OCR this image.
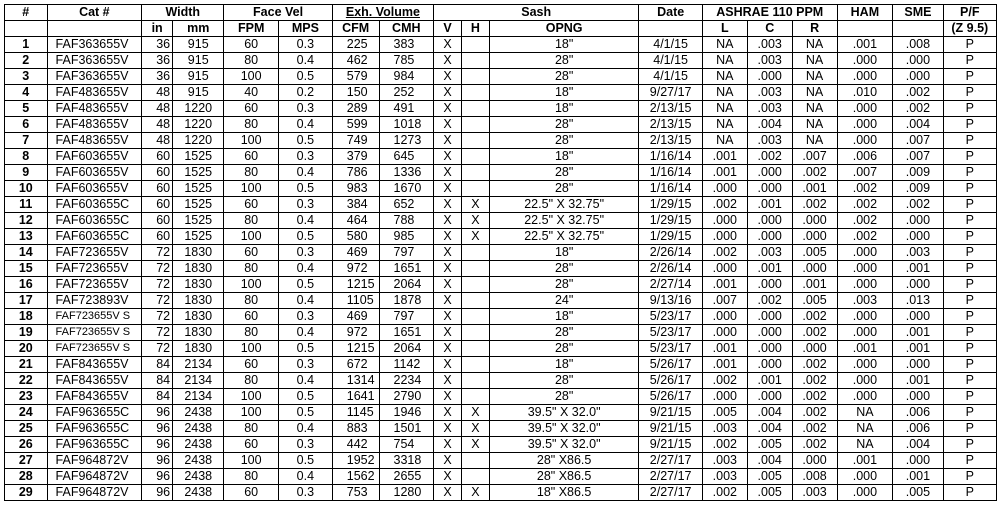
#	Cat #	Width		Face Vel		Exh. Volume		Sash			Date	ASHRAE 110 PPM			HAM	SME	P/F
		in	mm	FPM	MPS	CFM	CMH	V	H	OPNG		L	C	R			(Z 9.5)
1	FAF363655V	36	915	60	0.3	225	383	X		18"	4/1/15	NA	.003	NA	.001	.008	P
2	FAF363655V	36	915	80	0.4	462	785	X		28"	4/1/15	NA	.003	NA	.000	.000	P
3	FAF363655V	36	915	100	0.5	579	984	X		28"	4/1/15	NA	.000	NA	.000	.000	P
4	FAF483655V	48	915	40	0.2	150	252	X		18"	9/27/17	NA	.003	NA	.010	.002	P
5	FAF483655V	48	1220	60	0.3	289	491	X		18"	2/13/15	NA	.003	NA	.000	.002	P
6	FAF483655V	48	1220	80	0.4	599	1018	X		28"	2/13/15	NA	.004	NA	.000	.004	P
7	FAF483655V	48	1220	100	0.5	749	1273	X		28"	2/13/15	NA	.003	NA	.000	.007	P
8	FAF603655V	60	1525	60	0.3	379	645	X		18"	1/16/14	.001	.002	.007	.006	.007	P
9	FAF603655V	60	1525	80	0.4	786	1336	X		28"	1/16/14	.001	.000	.002	.007	.009	P
10	FAF603655V	60	1525	100	0.5	983	1670	X		28"	1/16/14	.000	.000	.001	.002	.009	P
11	FAF603655C	60	1525	60	0.3	384	652	X	X	22.5" X 32.75"	1/29/15	.002	.001	.002	.002	.002	P
12	FAF603655C	60	1525	80	0.4	464	788	X	X	22.5" X 32.75"	1/29/15	.000	.000	.000	.002	.000	P
13	FAF603655C	60	1525	100	0.5	580	985	X	X	22.5" X 32.75"	1/29/15	.000	.000	.000	.002	.000	P
14	FAF723655V	72	1830	60	0.3	469	797	X		18"	2/26/14	.002	.003	.005	.000	.003	P
15	FAF723655V	72	1830	80	0.4	972	1651	X		28"	2/26/14	.000	.001	.000	.000	.001	P
16	FAF723655V	72	1830	100	0.5	1215	2064	X		28"	2/27/14	.001	.000	.001	.000	.000	P
17	FAF723893V	72	1830	80	0.4	1105	1878	X		24"	9/13/16	.007	.002	.005	.003	.013	P
18	FAF723655V S	72	1830	60	0.3	469	797	X		18"	5/23/17	.000	.000	.002	.000	.000	P
19	FAF723655V S	72	1830	80	0.4	972	1651	X		28"	5/23/17	.000	.000	.002	.000	.001	P
20	FAF723655V S	72	1830	100	0.5	1215	2064	X		28"	5/23/17	.001	.000	.000	.001	.001	P
21	FAF843655V	84	2134	60	0.3	672	1142	X		18"	5/26/17	.001	.000	.002	.000	.000	P
22	FAF843655V	84	2134	80	0.4	1314	2234	X		28"	5/26/17	.002	.001	.002	.000	.001	P
23	FAF843655V	84	2134	100	0.5	1641	2790	X		28"	5/26/17	.000	.000	.002	.000	.000	P
24	FAF963655C	96	2438	100	0.5	1145	1946	X	X	39.5" X 32.0"	9/21/15	.005	.004	.002	NA	.006	P
25	FAF963655C	96	2438	80	0.4	883	1501	X	X	39.5" X 32.0"	9/21/15	.003	.004	.002	NA	.006	P
26	FAF963655C	96	2438	60	0.3	442	754	X	X	39.5" X 32.0"	9/21/15	.002	.005	.002	NA	.004	P
27	FAF964872V	96	2438	100	0.5	1952	3318	X		28" X86.5	2/27/17	.003	.004	.000	.001	.000	P
28	FAF964872V	96	2438	80	0.4	1562	2655	X		28" X86.5	2/27/17	.003	.005	.008	.000	.001	P
29	FAF964872V	96	2438	60	0.3	753	1280	X	X	18" X86.5	2/27/17	.002	.005	.003	.000	.005	P
